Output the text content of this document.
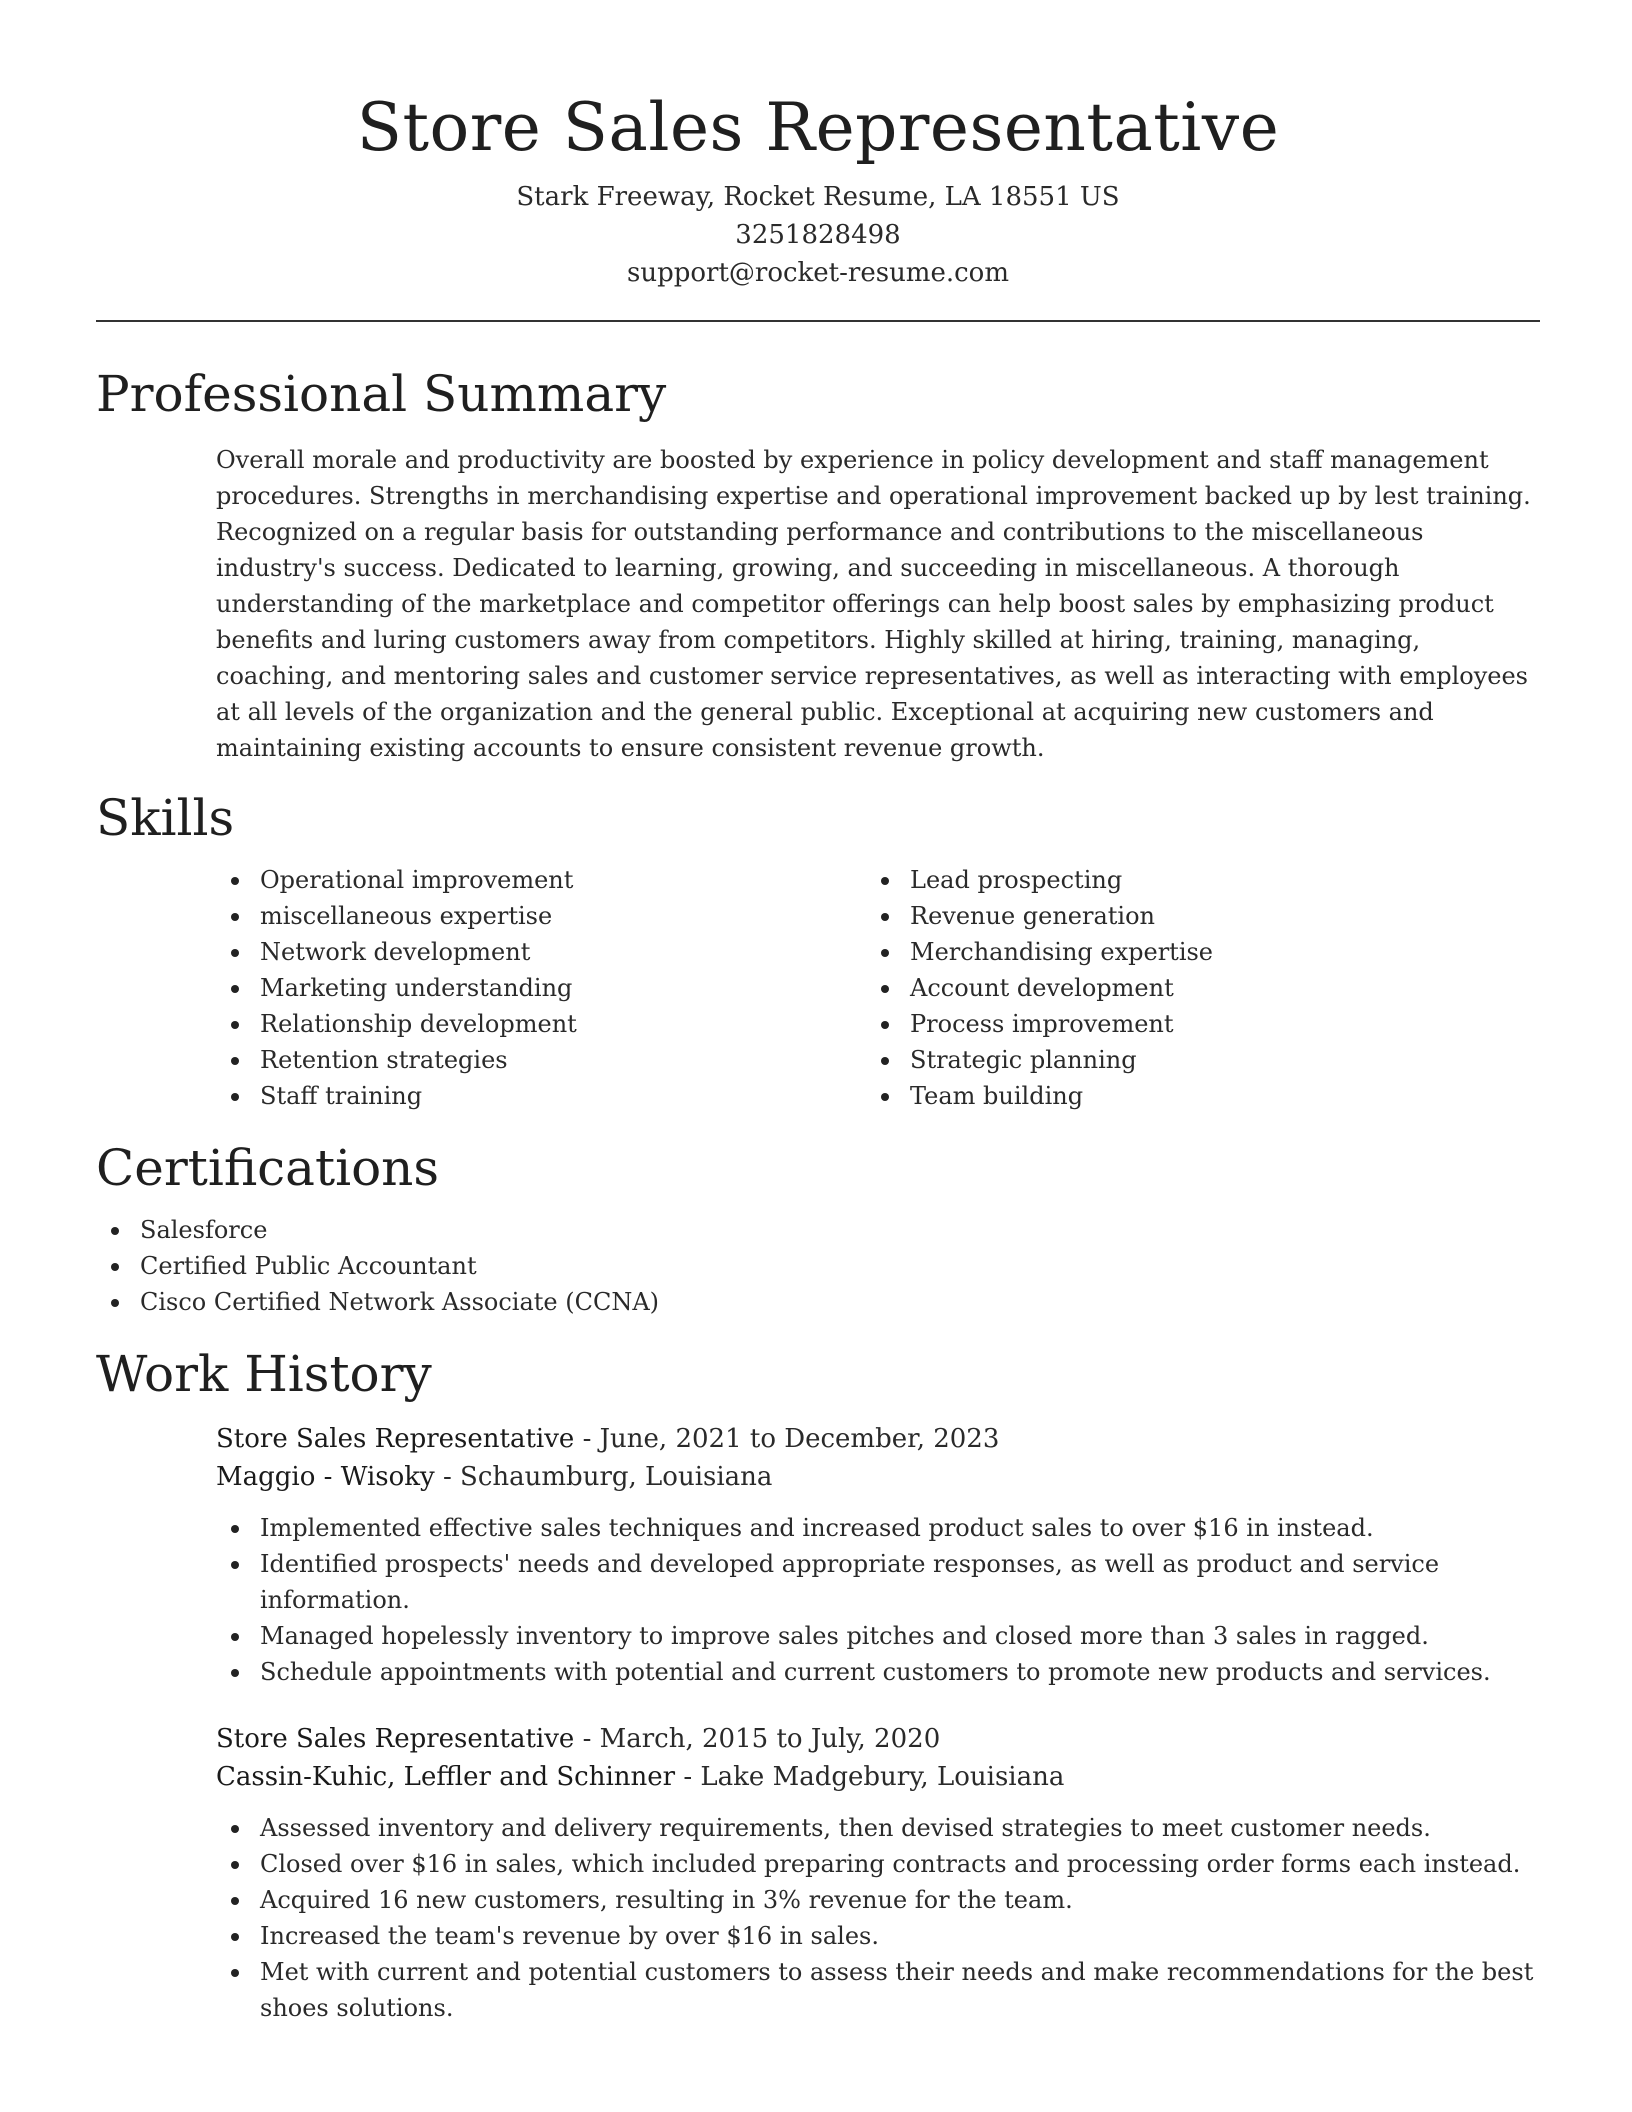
Store Sales Representative

Stark Freeway, Rocket Resume, LA 18551 US

3251828498

support@rocket-resume.com

Professional Summary

Overall morale and productivity are boosted by experience in policy development and staff management procedures. Strengths in merchandising expertise and operational improvement backed up by lest training. Recognized on a regular basis for outstanding performance and contributions to the miscellaneous industry's success. Dedicated to learning, growing, and succeeding in miscellaneous. A thorough understanding of the marketplace and competitor offerings can help boost sales by emphasizing product benefits and luring customers away from competitors. Highly skilled at hiring, training, managing, coaching, and mentoring sales and customer service representatives, as well as interacting with employees at all levels of the organization and the general public. Exceptional at acquiring new customers and maintaining existing accounts to ensure consistent revenue growth.

Skills
Operational improvement
miscellaneous expertise
Network development
Marketing understanding
Relationship development
Retention strategies
Staff training
Lead prospecting
Revenue generation
Merchandising expertise
Account development
Process improvement
Strategic planning
Team building
Certifications
Salesforce
Certified Public Accountant
Cisco Certified Network Associate (CCNA)
Work History

Store Sales Representative - June, 2021 to December, 2023

Maggio - Wisoky - Schaumburg, Louisiana

Implemented effective sales techniques and increased product sales to over $16 in instead.
Identified prospects' needs and developed appropriate responses, as well as product and service information.
Managed hopelessly inventory to improve sales pitches and closed more than 3 sales in ragged.
Schedule appointments with potential and current customers to promote new products and services.

Store Sales Representative - March, 2015 to July, 2020

Cassin-Kuhic, Leffler and Schinner - Lake Madgebury, Louisiana

Assessed inventory and delivery requirements, then devised strategies to meet customer needs.
Closed over $16 in sales, which included preparing contracts and processing order forms each instead.
Acquired 16 new customers, resulting in 3% revenue for the team.
Increased the team's revenue by over $16 in sales.
Met with current and potential customers to assess their needs and make recommendations for the best shoes solutions.
